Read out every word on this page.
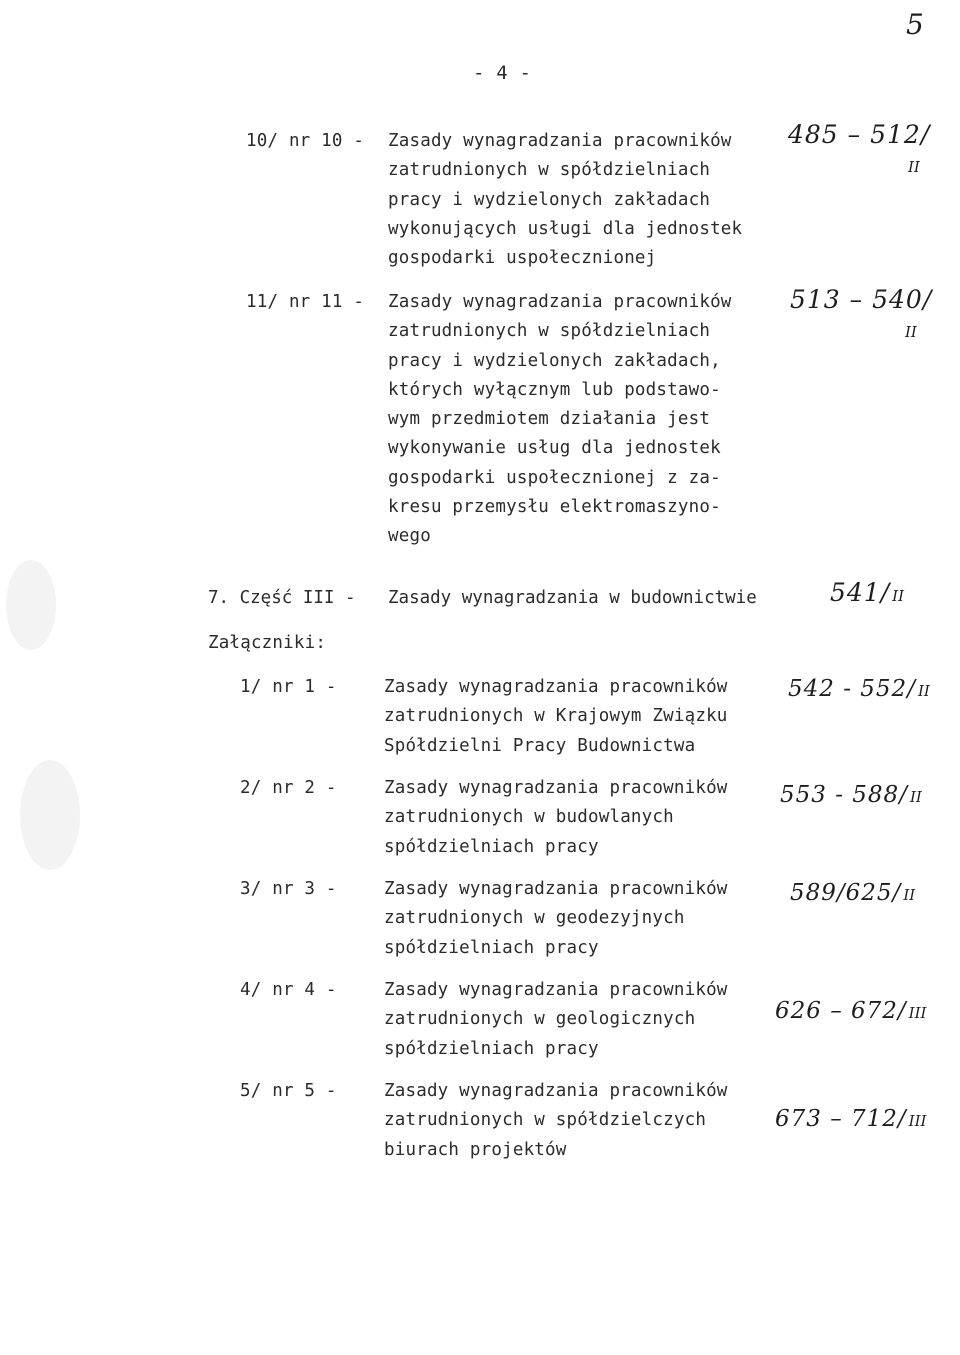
5
- 4 -
10/ nr 10 - Zasady wynagradzania pracowników
zatrudnionych w spółdzielniach
pracy i wydzielonych zakładach
wykonujących usługi dla jednostek
gospodarki uspołecznionej
485 – 512/
II
11/ nr 11 - Zasady wynagradzania pracowników
zatrudnionych w spółdzielniach
pracy i wydzielonych zakładach,
których wyłącznym lub podstawo-
wym przedmiotem działania jest
wykonywanie usług dla jednostek
gospodarki uspołecznionej z za-
kresu przemysłu elektromaszyno-
wego
513 – 540/
II
7. Część III - Zasady wynagradzania w budownictwie	541/ II
Załączniki:
1/ nr 1 -	Zasady wynagradzania pracowników
zatrudnionych w Krajowym Związku
Spółdzielni Pracy Budownictwa
542 - 552/ II
2/ nr 2 -	Zasady wynagradzania pracowników
zatrudnionych w budowlanych
spółdzielniach pracy
553 - 588/ II
3/ nr 3 -	Zasady wynagradzania pracowników
zatrudnionych w geodezyjnych
spółdzielniach pracy
589/625/ II
4/ nr 4 -	Zasady wynagradzania pracowników
zatrudnionych w geologicznych
spółdzielniach pracy
626 – 672/ III
5/ nr 5 -	Zasady wynagradzania pracowników
zatrudnionych w spółdzielczych
biurach projektów
673 – 712/ III
